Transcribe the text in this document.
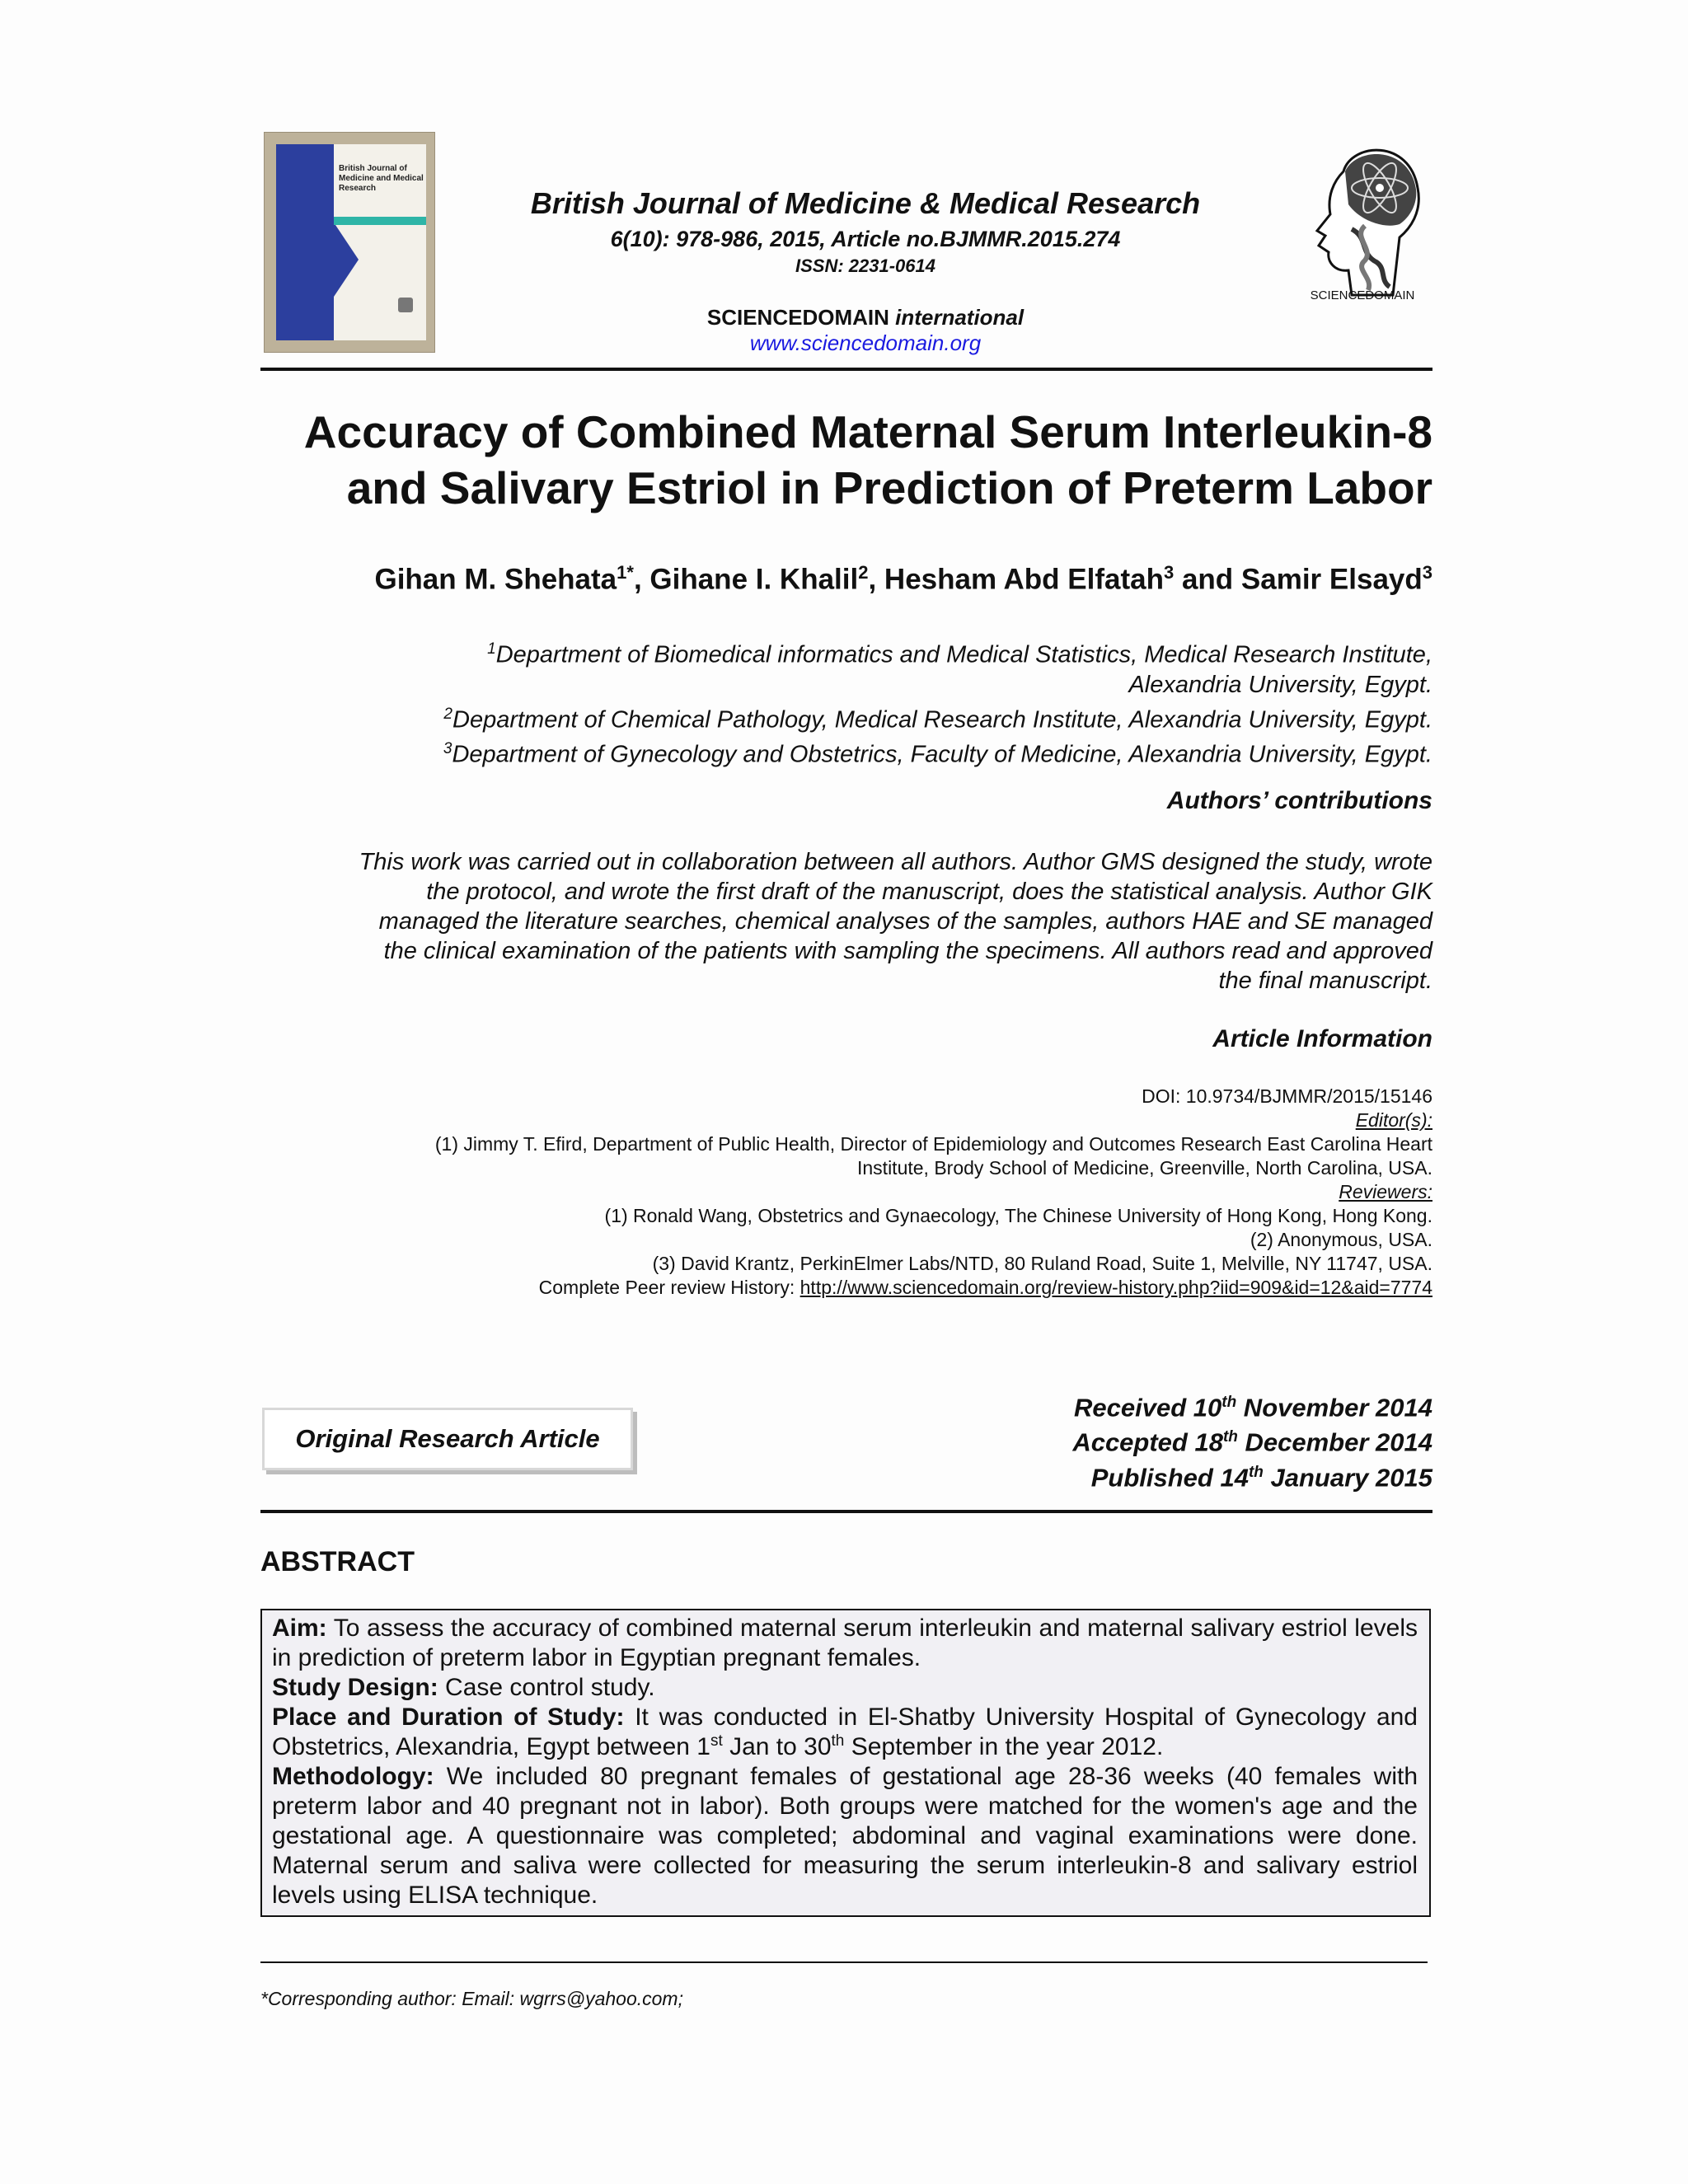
British Journal of Medicine and Medical Research	British Journal of Medicine & Medical Research
6(10): 978-986, 2015, Article no.BJMMR.2015.274
ISSN: 2231-0614
SCIENCEDOMAIN international
www.sciencedomain.org
SCIENCEDOMAIN
Accuracy of Combined Maternal Serum Interleukin-8
and Salivary Estriol in Prediction of Preterm Labor
Gihan M. Shehata$^{1*}$, Gihane I. Khalil$^2$, Hesham Abd Elfatah$^3$ and Samir Elsayd$^3$
$^1$Department of Biomedical informatics and Medical Statistics, Medical Research Institute,
Alexandria University, Egypt.
$^2$Department of Chemical Pathology, Medical Research Institute, Alexandria University, Egypt.
$^3$Department of Gynecology and Obstetrics, Faculty of Medicine, Alexandria University, Egypt.
Authors’ contributions
This work was carried out in collaboration between all authors. Author GMS designed the study, wrote
the protocol, and wrote the first draft of the manuscript, does the statistical analysis. Author GIK
managed the literature searches, chemical analyses of the samples, authors HAE and SE managed
the clinical examination of the patients with sampling the specimens. All authors read and approved
the final manuscript.
Article Information
DOI: 10.9734/BJMMR/2015/15146
Editor(s):
(1) Jimmy T. Efird, Department of Public Health, Director of Epidemiology and Outcomes Research East Carolina Heart
Institute, Brody School of Medicine, Greenville, North Carolina, USA.
Reviewers:
(1) Ronald Wang, Obstetrics and Gynaecology, The Chinese University of Hong Kong, Hong Kong.
(2) Anonymous, USA.
(3) David Krantz, PerkinElmer Labs/NTD, 80 Ruland Road, Suite 1, Melville, NY 11747, USA.
Complete Peer review History: http://www.sciencedomain.org/review-history.php?iid=909&id=12&aid=7774
Original Research Article
Received 10th November 2014
Accepted 18th December 2014
Published 14th January 2015
ABSTRACT

Aim: To assess the accuracy of combined maternal serum interleukin and maternal salivary estriol levels in prediction of preterm labor in Egyptian pregnant females.

Study Design: Case control study.

Place and Duration of Study: It was conducted in El-Shatby University Hospital of Gynecology and Obstetrics, Alexandria, Egypt between 1st Jan to 30th September in the year 2012.

Methodology: We included 80 pregnant females of gestational age 28-36 weeks (40 females with preterm labor and 40 pregnant not in labor). Both groups were matched for the women's age and the gestational age. A questionnaire was completed; abdominal and vaginal examinations were done. Maternal serum and saliva were collected for measuring the serum interleukin-8 and salivary estriol levels using ELISA technique.

*Corresponding author: Email: wgrrs@yahoo.com;
